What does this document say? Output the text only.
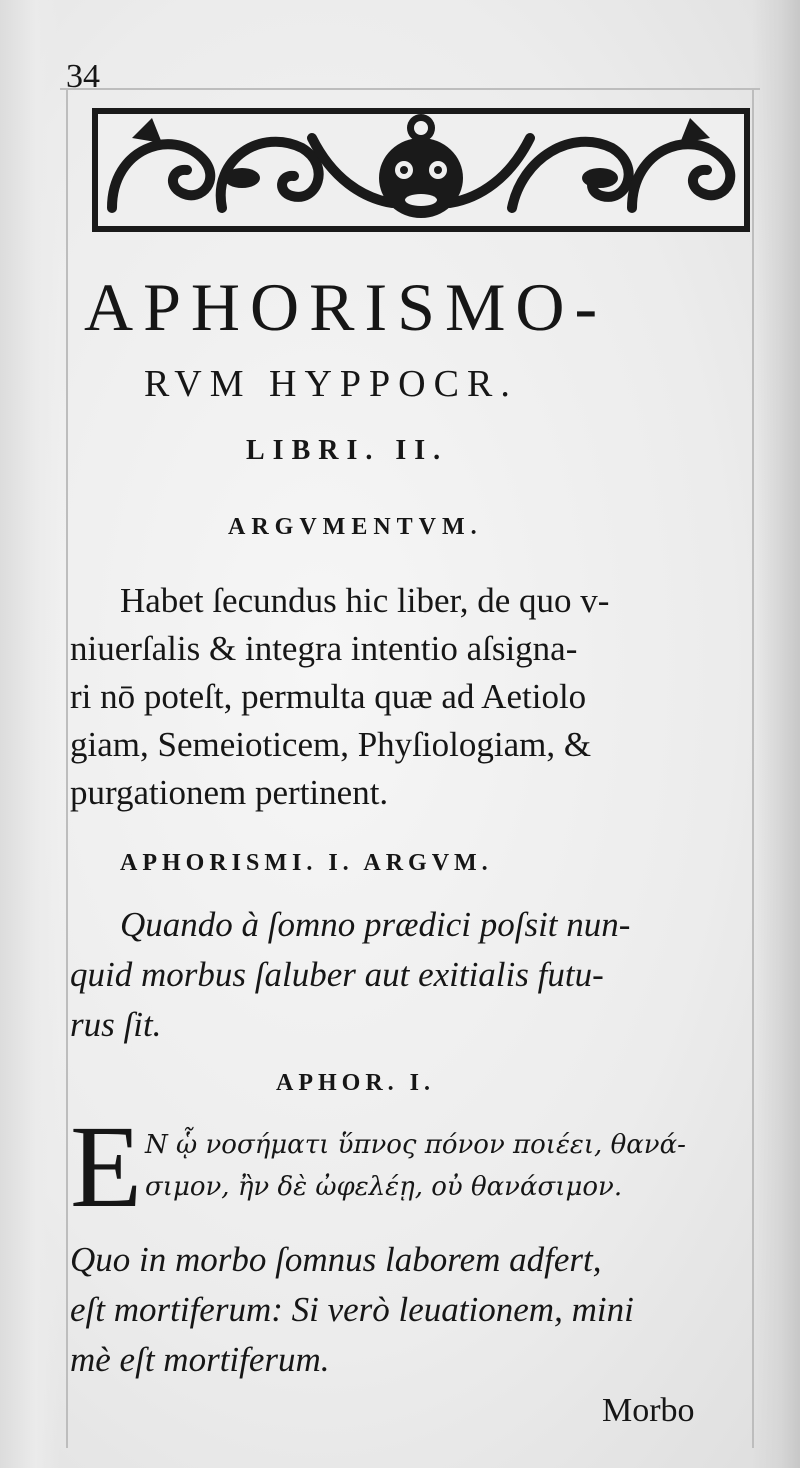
34
APHORISMO-
RVM HYPPOCR.
LIBRI. II.
ARGVMENTVM.
Habet ſecundus hic liber, de quo v-
niuerſalis & integra intentio aſsigna-
ri nō poteſt, permulta quæ ad Aetiolo
giam, Semeioticem, Phyſiologiam, &
purgationem pertinent.
APHORISMI. I. ARGVM.
Quando à ſomno prædici poſsit nun-
quid morbus ſaluber aut exitialis futu-
rus ſit.
APHOR. I.
E Ν ᾧ νοσήματι ὕπνος πόνον ποιέει, θανά-
σιμον, ἢν δὲ ὠφελέῃ, οὐ θανάσιμον.
Quo in morbo ſomnus laborem adfert,
eſt mortiferum: Si verò leuationem, mini
mè eſt mortiferum.
Morbo
